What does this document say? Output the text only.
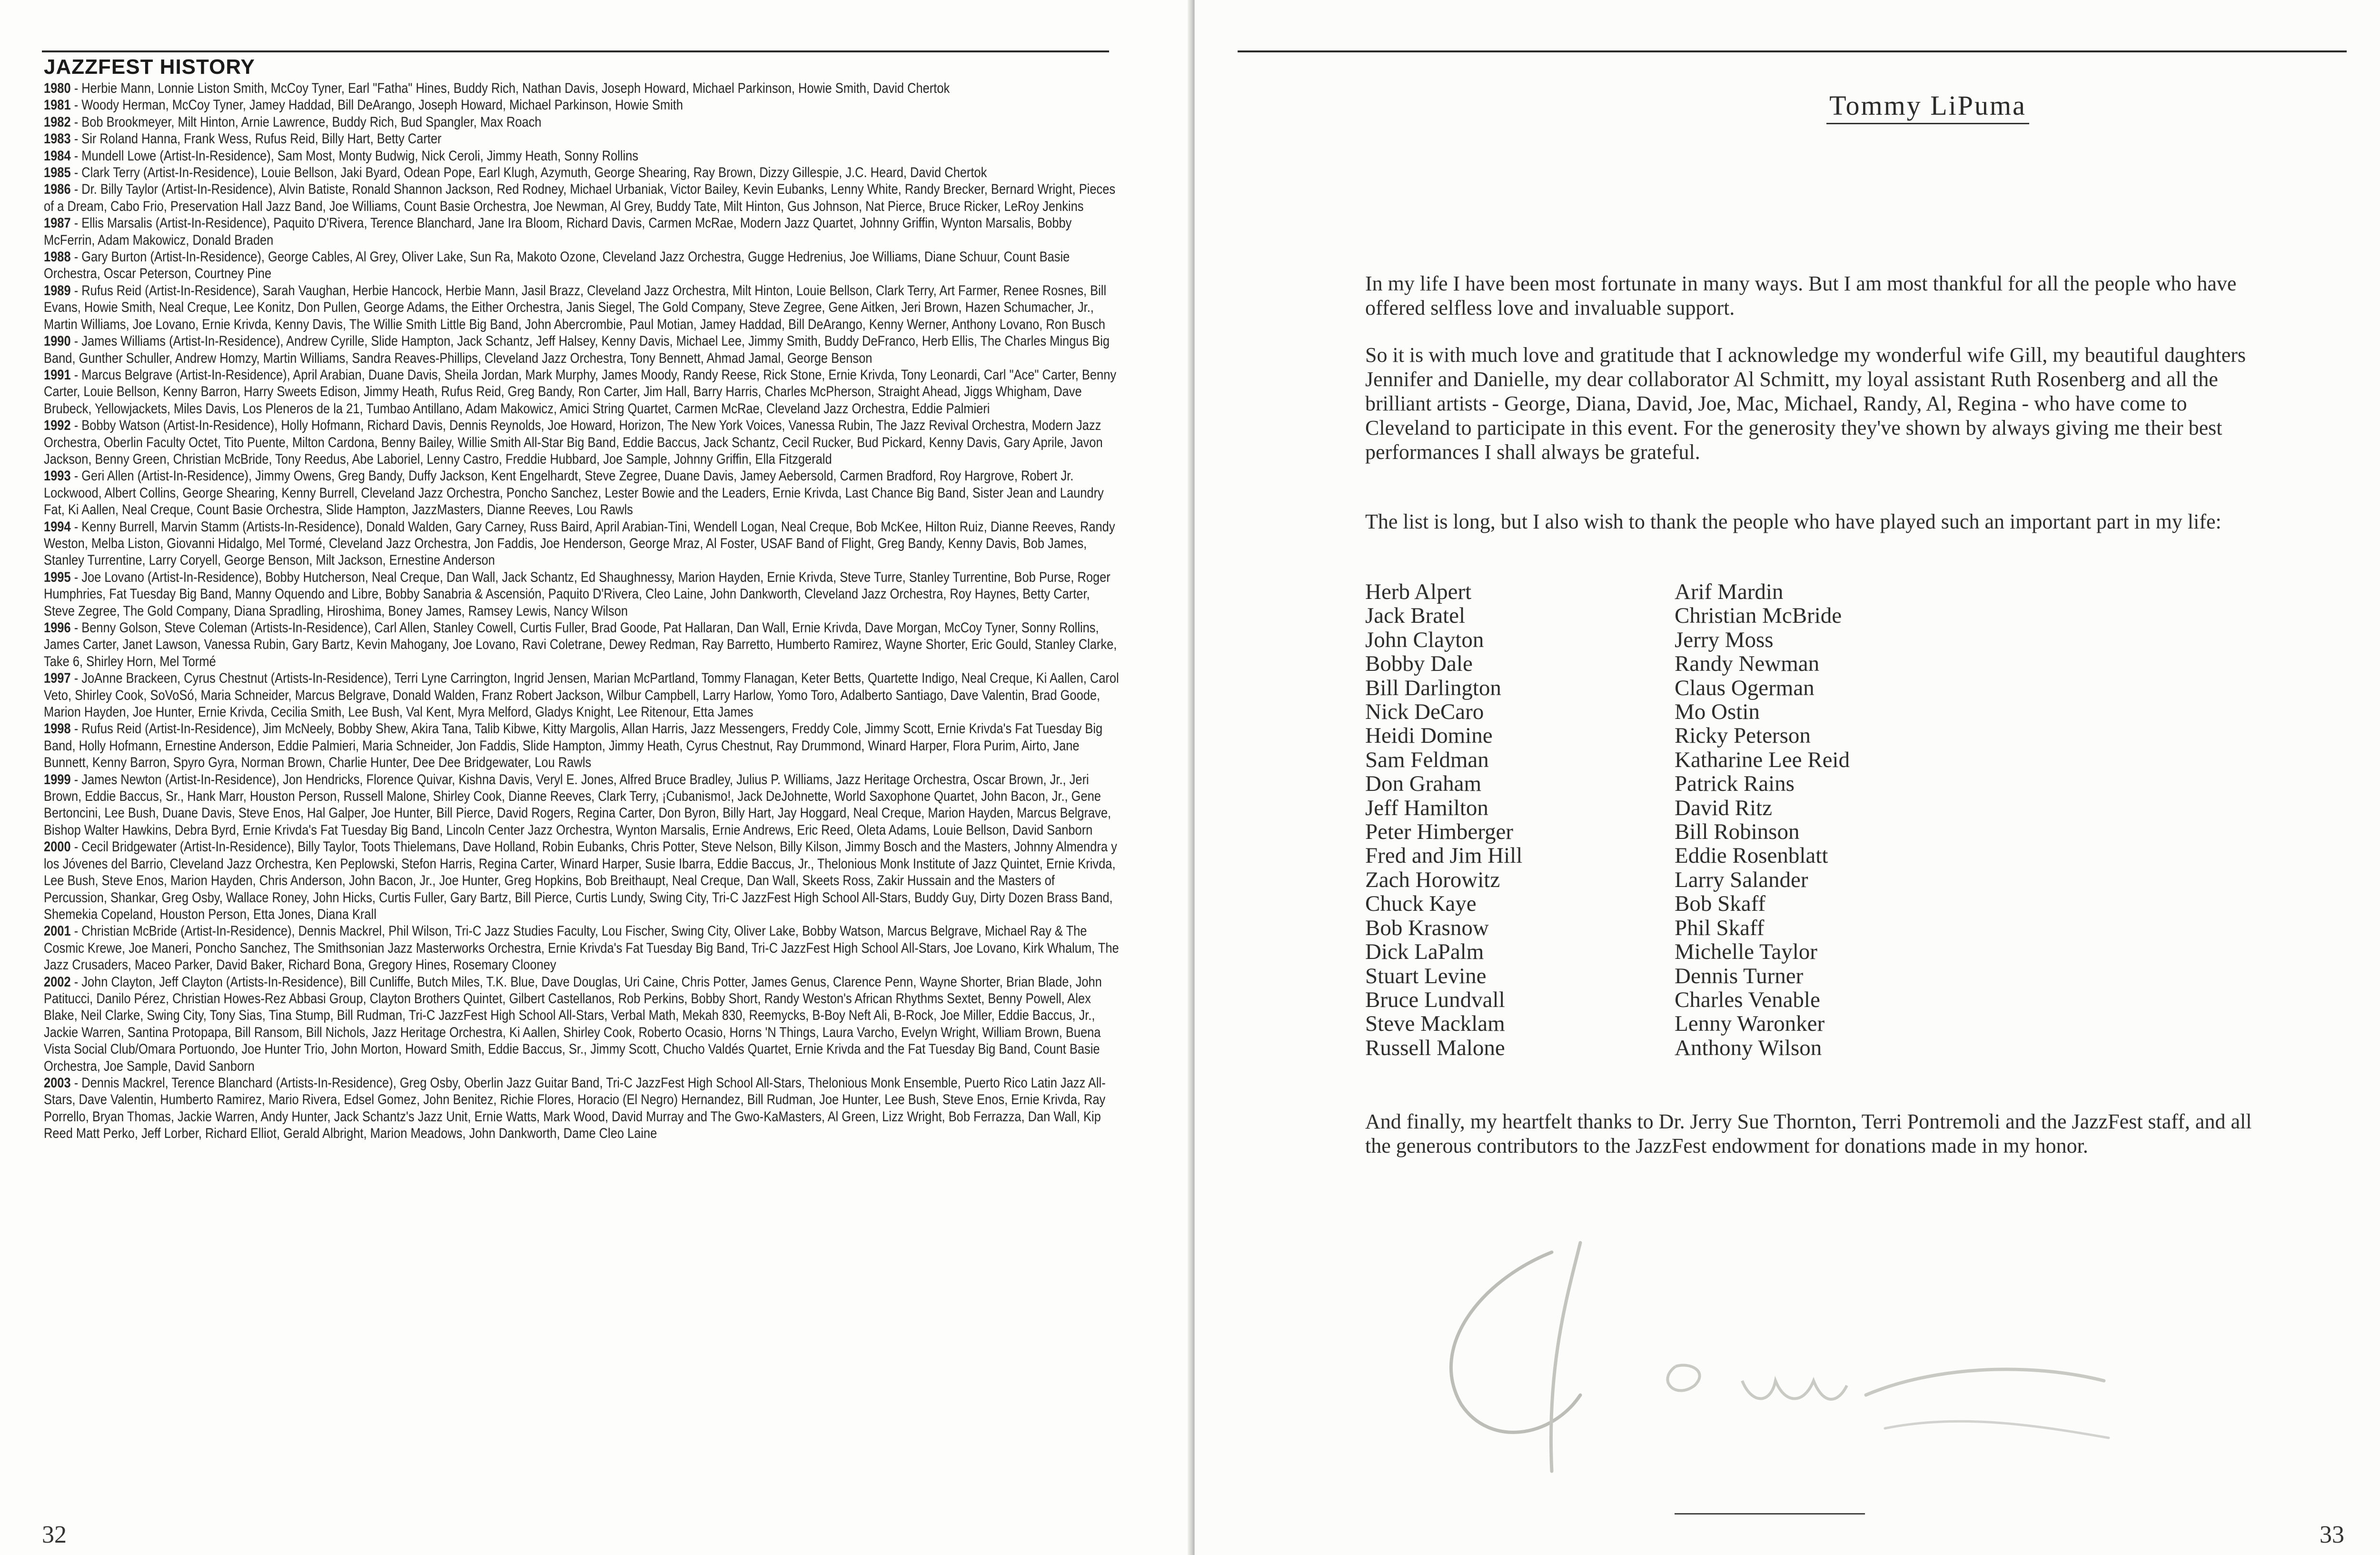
JAZZFEST HISTORY

1980 - Herbie Mann, Lonnie Liston Smith, McCoy Tyner, Earl "Fatha" Hines, Buddy Rich, Nathan Davis, Joseph Howard, Michael Parkinson, Howie Smith, David Chertok

1981 - Woody Herman, McCoy Tyner, Jamey Haddad, Bill DeArango, Joseph Howard, Michael Parkinson, Howie Smith

1982 - Bob Brookmeyer, Milt Hinton, Arnie Lawrence, Buddy Rich, Bud Spangler, Max Roach

1983 - Sir Roland Hanna, Frank Wess, Rufus Reid, Billy Hart, Betty Carter

1984 - Mundell Lowe (Artist-In-Residence), Sam Most, Monty Budwig, Nick Ceroli, Jimmy Heath, Sonny Rollins

1985 - Clark Terry (Artist-In-Residence), Louie Bellson, Jaki Byard, Odean Pope, Earl Klugh, Azymuth, George Shearing, Ray Brown, Dizzy Gillespie, J.C. Heard, David Chertok

1986 - Dr. Billy Taylor (Artist-In-Residence), Alvin Batiste, Ronald Shannon Jackson, Red Rodney, Michael Urbaniak, Victor Bailey, Kevin Eubanks, Lenny White, Randy Brecker, Bernard Wright, Pieces of a Dream, Cabo Frio, Preservation Hall Jazz Band, Joe Williams, Count Basie Orchestra, Joe Newman, Al Grey, Buddy Tate, Milt Hinton, Gus Johnson, Nat Pierce, Bruce Ricker, LeRoy Jenkins

1987 - Ellis Marsalis (Artist-In-Residence), Paquito D'Rivera, Terence Blanchard, Jane Ira Bloom, Richard Davis, Carmen McRae, Modern Jazz Quartet, Johnny Griffin, Wynton Marsalis, Bobby McFerrin, Adam Makowicz, Donald Braden

1988 - Gary Burton (Artist-In-Residence), George Cables, Al Grey, Oliver Lake, Sun Ra, Makoto Ozone, Cleveland Jazz Orchestra, Gugge Hedrenius, Joe Williams, Diane Schuur, Count Basie Orchestra, Oscar Peterson, Courtney Pine

1989 - Rufus Reid (Artist-In-Residence), Sarah Vaughan, Herbie Hancock, Herbie Mann, Jasil Brazz, Cleveland Jazz Orchestra, Milt Hinton, Louie Bellson, Clark Terry, Art Farmer, Renee Rosnes, Bill Evans, Howie Smith, Neal Creque, Lee Konitz, Don Pullen, George Adams, the Either Orchestra, Janis Siegel, The Gold Company, Steve Zegree, Gene Aitken, Jeri Brown, Hazen Schumacher, Jr., Martin Williams, Joe Lovano, Ernie Krivda, Kenny Davis, The Willie Smith Little Big Band, John Abercrombie, Paul Motian, Jamey Haddad, Bill DeArango, Kenny Werner, Anthony Lovano, Ron Busch

1990 - James Williams (Artist-In-Residence), Andrew Cyrille, Slide Hampton, Jack Schantz, Jeff Halsey, Kenny Davis, Michael Lee, Jimmy Smith, Buddy DeFranco, Herb Ellis, The Charles Mingus Big Band, Gunther Schuller, Andrew Homzy, Martin Williams, Sandra Reaves-Phillips, Cleveland Jazz Orchestra, Tony Bennett, Ahmad Jamal, George Benson

1991 - Marcus Belgrave (Artist-In-Residence), April Arabian, Duane Davis, Sheila Jordan, Mark Murphy, James Moody, Randy Reese, Rick Stone, Ernie Krivda, Tony Leonardi, Carl "Ace" Carter, Benny Carter, Louie Bellson, Kenny Barron, Harry Sweets Edison, Jimmy Heath, Rufus Reid, Greg Bandy, Ron Carter, Jim Hall, Barry Harris, Charles McPherson, Straight Ahead, Jiggs Whigham, Dave Brubeck, Yellowjackets, Miles Davis, Los Pleneros de la 21, Tumbao Antillano, Adam Makowicz, Amici String Quartet, Carmen McRae, Cleveland Jazz Orchestra, Eddie Palmieri

1992 - Bobby Watson (Artist-In-Residence), Holly Hofmann, Richard Davis, Dennis Reynolds, Joe Howard, Horizon, The New York Voices, Vanessa Rubin, The Jazz Revival Orchestra, Modern Jazz Orchestra, Oberlin Faculty Octet, Tito Puente, Milton Cardona, Benny Bailey, Willie Smith All-Star Big Band, Eddie Baccus, Jack Schantz, Cecil Rucker, Bud Pickard, Kenny Davis, Gary Aprile, Javon Jackson, Benny Green, Christian McBride, Tony Reedus, Abe Laboriel, Lenny Castro, Freddie Hubbard, Joe Sample, Johnny Griffin, Ella Fitzgerald

1993 - Geri Allen (Artist-In-Residence), Jimmy Owens, Greg Bandy, Duffy Jackson, Kent Engelhardt, Steve Zegree, Duane Davis, Jamey Aebersold, Carmen Bradford, Roy Hargrove, Robert Jr. Lockwood, Albert Collins, George Shearing, Kenny Burrell, Cleveland Jazz Orchestra, Poncho Sanchez, Lester Bowie and the Leaders, Ernie Krivda, Last Chance Big Band, Sister Jean and Laundry Fat, Ki Aallen, Neal Creque, Count Basie Orchestra, Slide Hampton, JazzMasters, Dianne Reeves, Lou Rawls

1994 - Kenny Burrell, Marvin Stamm (Artists-In-Residence), Donald Walden, Gary Carney, Russ Baird, April Arabian-Tini, Wendell Logan, Neal Creque, Bob McKee, Hilton Ruiz, Dianne Reeves, Randy Weston, Melba Liston, Giovanni Hidalgo, Mel Tormé, Cleveland Jazz Orchestra, Jon Faddis, Joe Henderson, George Mraz, Al Foster, USAF Band of Flight, Greg Bandy, Kenny Davis, Bob James, Stanley Turrentine, Larry Coryell, George Benson, Milt Jackson, Ernestine Anderson

1995 - Joe Lovano (Artist-In-Residence), Bobby Hutcherson, Neal Creque, Dan Wall, Jack Schantz, Ed Shaughnessy, Marion Hayden, Ernie Krivda, Steve Turre, Stanley Turrentine, Bob Purse, Roger Humphries, Fat Tuesday Big Band, Manny Oquendo and Libre, Bobby Sanabria & Ascensión, Paquito D'Rivera, Cleo Laine, John Dankworth, Cleveland Jazz Orchestra, Roy Haynes, Betty Carter, Steve Zegree, The Gold Company, Diana Spradling, Hiroshima, Boney James, Ramsey Lewis, Nancy Wilson

1996 - Benny Golson, Steve Coleman (Artists-In-Residence), Carl Allen, Stanley Cowell, Curtis Fuller, Brad Goode, Pat Hallaran, Dan Wall, Ernie Krivda, Dave Morgan, McCoy Tyner, Sonny Rollins, James Carter, Janet Lawson, Vanessa Rubin, Gary Bartz, Kevin Mahogany, Joe Lovano, Ravi Coletrane, Dewey Redman, Ray Barretto, Humberto Ramirez, Wayne Shorter, Eric Gould, Stanley Clarke, Take 6, Shirley Horn, Mel Tormé

1997 - JoAnne Brackeen, Cyrus Chestnut (Artists-In-Residence), Terri Lyne Carrington, Ingrid Jensen, Marian McPartland, Tommy Flanagan, Keter Betts, Quartette Indigo, Neal Creque, Ki Aallen, Carol Veto, Shirley Cook, SoVoSó, Maria Schneider, Marcus Belgrave, Donald Walden, Franz Robert Jackson, Wilbur Campbell, Larry Harlow, Yomo Toro, Adalberto Santiago, Dave Valentin, Brad Goode, Marion Hayden, Joe Hunter, Ernie Krivda, Cecilia Smith, Lee Bush, Val Kent, Myra Melford, Gladys Knight, Lee Ritenour, Etta James

1998 - Rufus Reid (Artist-In-Residence), Jim McNeely, Bobby Shew, Akira Tana, Talib Kibwe, Kitty Margolis, Allan Harris, Jazz Messengers, Freddy Cole, Jimmy Scott, Ernie Krivda's Fat Tuesday Big Band, Holly Hofmann, Ernestine Anderson, Eddie Palmieri, Maria Schneider, Jon Faddis, Slide Hampton, Jimmy Heath, Cyrus Chestnut, Ray Drummond, Winard Harper, Flora Purim, Airto, Jane Bunnett, Kenny Barron, Spyro Gyra, Norman Brown, Charlie Hunter, Dee Dee Bridgewater, Lou Rawls

1999 - James Newton (Artist-In-Residence), Jon Hendricks, Florence Quivar, Kishna Davis, Veryl E. Jones, Alfred Bruce Bradley, Julius P. Williams, Jazz Heritage Orchestra, Oscar Brown, Jr., Jeri Brown, Eddie Baccus, Sr., Hank Marr, Houston Person, Russell Malone, Shirley Cook, Dianne Reeves, Clark Terry, ¡Cubanismo!, Jack DeJohnette, World Saxophone Quartet, John Bacon, Jr., Gene Bertoncini, Lee Bush, Duane Davis, Steve Enos, Hal Galper, Joe Hunter, Bill Pierce, David Rogers, Regina Carter, Don Byron, Billy Hart, Jay Hoggard, Neal Creque, Marion Hayden, Marcus Belgrave, Bishop Walter Hawkins, Debra Byrd, Ernie Krivda's Fat Tuesday Big Band, Lincoln Center Jazz Orchestra, Wynton Marsalis, Ernie Andrews, Eric Reed, Oleta Adams, Louie Bellson, David Sanborn

2000 - Cecil Bridgewater (Artist-In-Residence), Billy Taylor, Toots Thielemans, Dave Holland, Robin Eubanks, Chris Potter, Steve Nelson, Billy Kilson, Jimmy Bosch and the Masters, Johnny Almendra y los Jóvenes del Barrio, Cleveland Jazz Orchestra, Ken Peplowski, Stefon Harris, Regina Carter, Winard Harper, Susie Ibarra, Eddie Baccus, Jr., Thelonious Monk Institute of Jazz Quintet, Ernie Krivda, Lee Bush, Steve Enos, Marion Hayden, Chris Anderson, John Bacon, Jr., Joe Hunter, Greg Hopkins, Bob Breithaupt, Neal Creque, Dan Wall, Skeets Ross, Zakir Hussain and the Masters of Percussion, Shankar, Greg Osby, Wallace Roney, John Hicks, Curtis Fuller, Gary Bartz, Bill Pierce, Curtis Lundy, Swing City, Tri-C JazzFest High School All-Stars, Buddy Guy, Dirty Dozen Brass Band, Shemekia Copeland, Houston Person, Etta Jones, Diana Krall

2001 - Christian McBride (Artist-In-Residence), Dennis Mackrel, Phil Wilson, Tri-C Jazz Studies Faculty, Lou Fischer, Swing City, Oliver Lake, Bobby Watson, Marcus Belgrave, Michael Ray & The Cosmic Krewe, Joe Maneri, Poncho Sanchez, The Smithsonian Jazz Masterworks Orchestra, Ernie Krivda's Fat Tuesday Big Band, Tri-C JazzFest High School All-Stars, Joe Lovano, Kirk Whalum, The Jazz Crusaders, Maceo Parker, David Baker, Richard Bona, Gregory Hines, Rosemary Clooney

2002 - John Clayton, Jeff Clayton (Artists-In-Residence), Bill Cunliffe, Butch Miles, T.K. Blue, Dave Douglas, Uri Caine, Chris Potter, James Genus, Clarence Penn, Wayne Shorter, Brian Blade, John Patitucci, Danilo Pérez, Christian Howes-Rez Abbasi Group, Clayton Brothers Quintet, Gilbert Castellanos, Rob Perkins, Bobby Short, Randy Weston's African Rhythms Sextet, Benny Powell, Alex Blake, Neil Clarke, Swing City, Tony Sias, Tina Stump, Bill Rudman, Tri-C JazzFest High School All-Stars, Verbal Math, Mekah 830, Reemycks, B-Boy Neft Ali, B-Rock, Joe Miller, Eddie Baccus, Jr., Jackie Warren, Santina Protopapa, Bill Ransom, Bill Nichols, Jazz Heritage Orchestra, Ki Aallen, Shirley Cook, Roberto Ocasio, Horns 'N Things, Laura Varcho, Evelyn Wright, William Brown, Buena Vista Social Club/Omara Portuondo, Joe Hunter Trio, John Morton, Howard Smith, Eddie Baccus, Sr., Jimmy Scott, Chucho Valdés Quartet, Ernie Krivda and the Fat Tuesday Big Band, Count Basie Orchestra, Joe Sample, David Sanborn

2003 - Dennis Mackrel, Terence Blanchard (Artists-In-Residence), Greg Osby, Oberlin Jazz Guitar Band, Tri-C JazzFest High School All-Stars, Thelonious Monk Ensemble, Puerto Rico Latin Jazz All-Stars, Dave Valentin, Humberto Ramirez, Mario Rivera, Edsel Gomez, John Benitez, Richie Flores, Horacio (El Negro) Hernandez, Bill Rudman, Joe Hunter, Lee Bush, Steve Enos, Ernie Krivda, Ray Porrello, Bryan Thomas, Jackie Warren, Andy Hunter, Jack Schantz's Jazz Unit, Ernie Watts, Mark Wood, David Murray and The Gwo-KaMasters, Al Green, Lizz Wright, Bob Ferrazza, Dan Wall, Kip Reed Matt Perko, Jeff Lorber, Richard Elliot, Gerald Albright, Marion Meadows, John Dankworth, Dame Cleo Laine

32
Tommy LiPuma

In my life I have been most fortunate in many ways. But I am most thankful for all the people who have offered selfless love and invaluable support.

So it is with much love and gratitude that I acknowledge my wonderful wife Gill, my beautiful daughters Jennifer and Danielle, my dear collaborator Al Schmitt, my loyal assistant Ruth Rosenberg and all the brilliant artists - George, Diana, David, Joe, Mac, Michael, Randy, Al, Regina - who have come to Cleveland to participate in this event. For the generosity they've shown by always giving me their best performances I shall always be grateful.

The list is long, but I also wish to thank the people who have played such an important part in my life:

Herb Alpert
Jack Bratel
John Clayton
Bobby Dale
Bill Darlington
Nick DeCaro
Heidi Domine
Sam Feldman
Don Graham
Jeff Hamilton
Peter Himberger
Fred and Jim Hill
Zach Horowitz
Chuck Kaye
Bob Krasnow
Dick LaPalm
Stuart Levine
Bruce Lundvall
Steve Macklam
Russell Malone
Arif Mardin
Christian McBride
Jerry Moss
Randy Newman
Claus Ogerman
Mo Ostin
Ricky Peterson
Katharine Lee Reid
Patrick Rains
David Ritz
Bill Robinson
Eddie Rosenblatt
Larry Salander
Bob Skaff
Phil Skaff
Michelle Taylor
Dennis Turner
Charles Venable
Lenny Waronker
Anthony Wilson

And finally, my heartfelt thanks to Dr. Jerry Sue Thornton, Terri Pontremoli and the JazzFest staff, and all the generous contributors to the JazzFest endowment for donations made in my honor.

33
